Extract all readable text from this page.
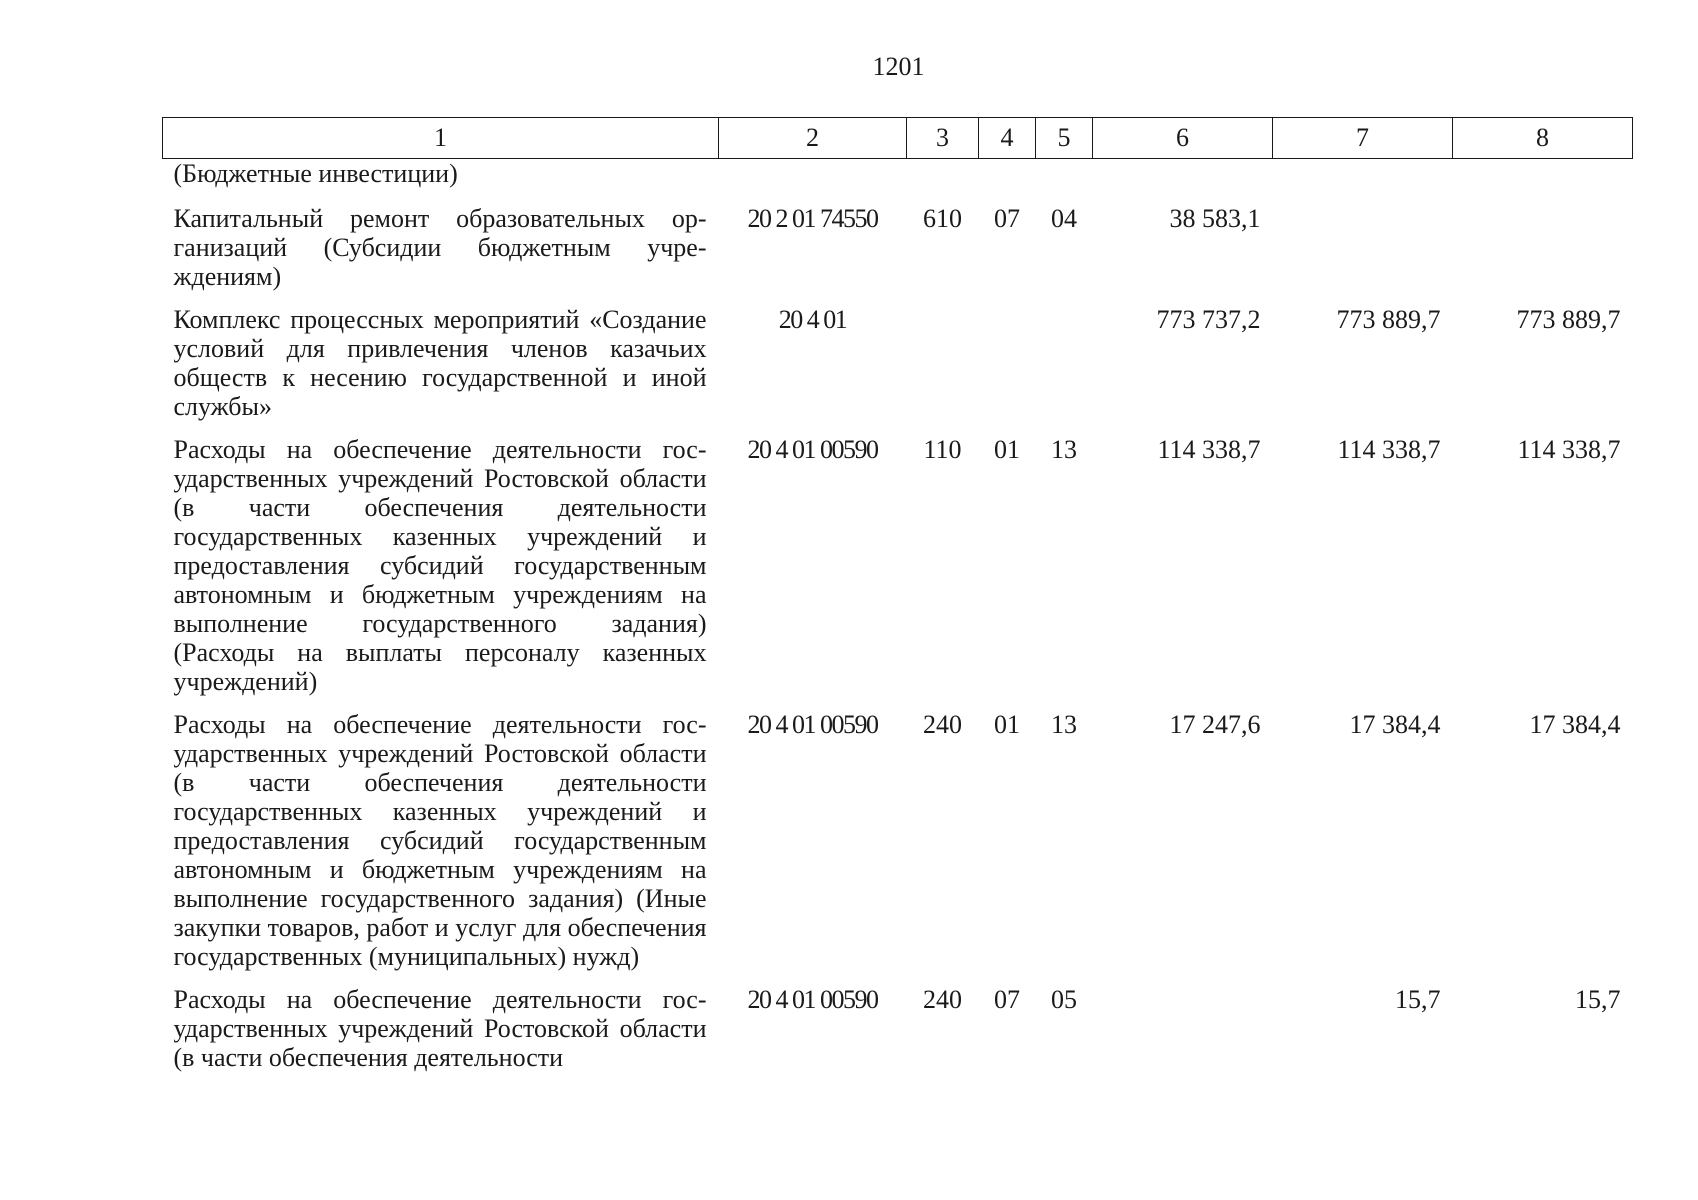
1201
1	2	3	4	5	6	7	8
(Бюджетные инвестиции)							
Капитальный ремонт образовательных организаций (Субсидии бюджетным учреждениям)	20 2 01 74550	610	07	04	38 583,1		
Комплекс процессных мероприятий «Создание условий для привлечения членов казачьих обществ к несению государственной и иной службы»	20 4 01				773 737,2	773 889,7	773 889,7
Расходы на обеспечение деятельности государственных учреждений Ростовской области (в части обеспечения деятельности государственных казенных учреждений и предоставления субсидий государственным автономным и бюджетным учреждениям на выполнение государственного задания) (Расходы на выплаты персоналу казенных учреждений)	20 4 01 00590	110	01	13	114 338,7	114 338,7	114 338,7
Расходы на обеспечение деятельности государственных учреждений Ростовской области (в части обеспечения деятельности государственных казенных учреждений и предоставления субсидий государственным автономным и бюджетным учреждениям на выполнение государственного задания) (Иные закупки товаров, работ и услуг для обеспечения государственных (муниципальных) нужд)	20 4 01 00590	240	01	13	17 247,6	17 384,4	17 384,4
Расходы на обеспечение деятельности государственных учреждений Ростовской области (в части обеспечения деятельности	20 4 01 00590	240	07	05		15,7	15,7
